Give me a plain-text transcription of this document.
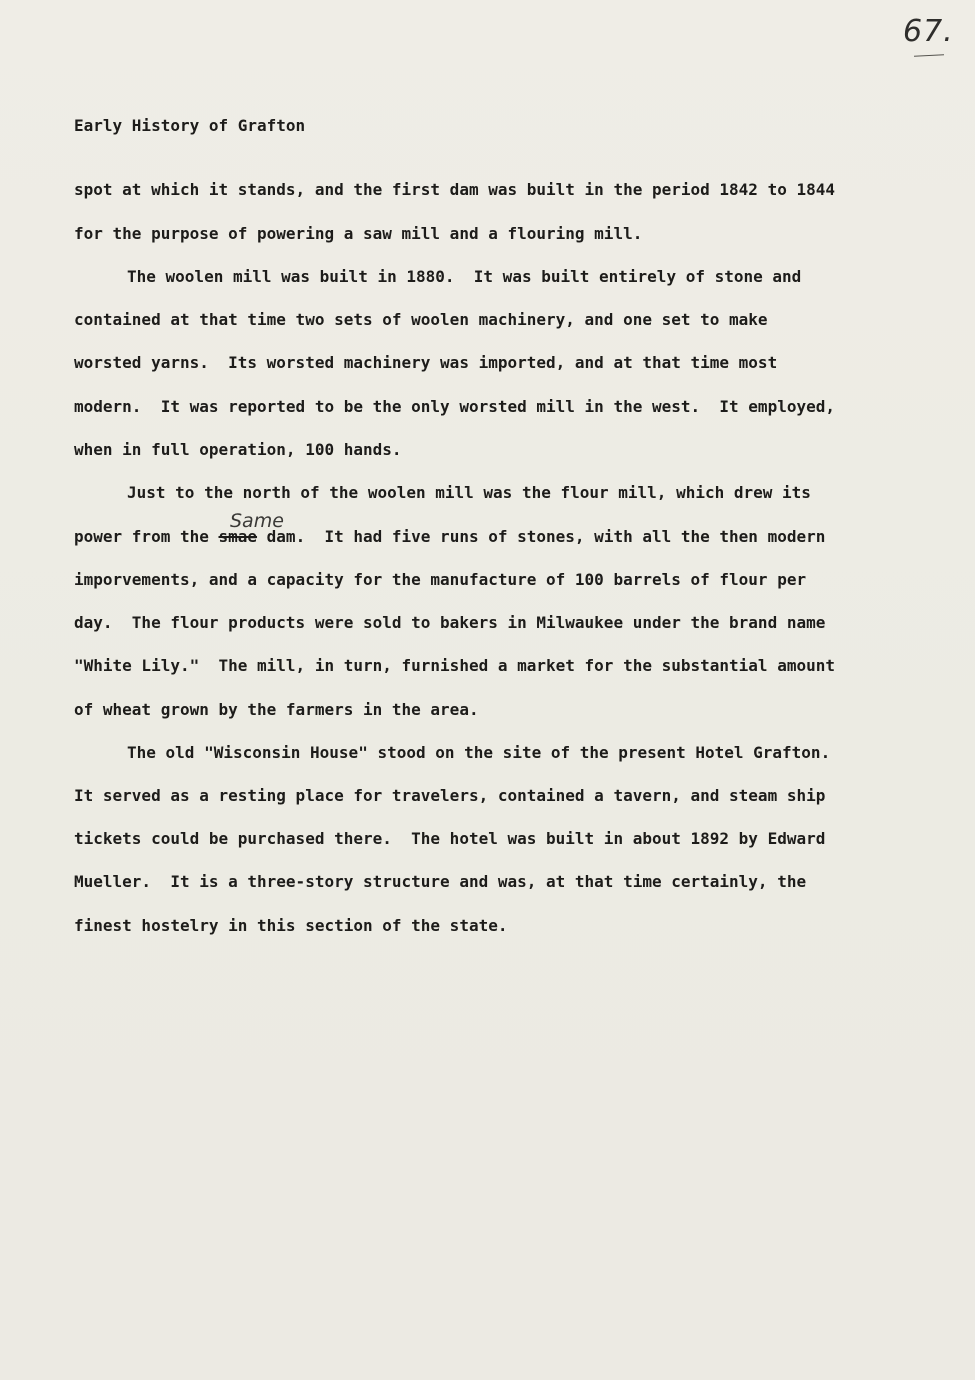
67.
Early History of Grafton
spot at which it stands, and the first dam was built in the period 1842 to 1844
for the purpose of powering a saw mill and a flouring mill.
The woolen mill was built in 1880.  It was built entirely of stone and
contained at that time two sets of woolen machinery, and one set to make
worsted yarns.  Its worsted machinery was imported, and at that time most
modern.  It was reported to be the only worsted mill in the west.  It employed,
when in full operation, 100 hands.
Just to the north of the woolen mill was the flour mill, which drew its
power from the smae dam.  It had five runs of stones, with all the then modern
Same
imporvements, and a capacity for the manufacture of 100 barrels of flour per
day.  The flour products were sold to bakers in Milwaukee under the brand name
"White Lily."  The mill, in turn, furnished a market for the substantial amount
of wheat grown by the farmers in the area.
The old "Wisconsin House" stood on the site of the present Hotel Grafton.
It served as a resting place for travelers, contained a tavern, and steam ship
tickets could be purchased there.  The hotel was built in about 1892 by Edward
Mueller.  It is a three-story structure and was, at that time certainly, the
finest hostelry in this section of the state.
